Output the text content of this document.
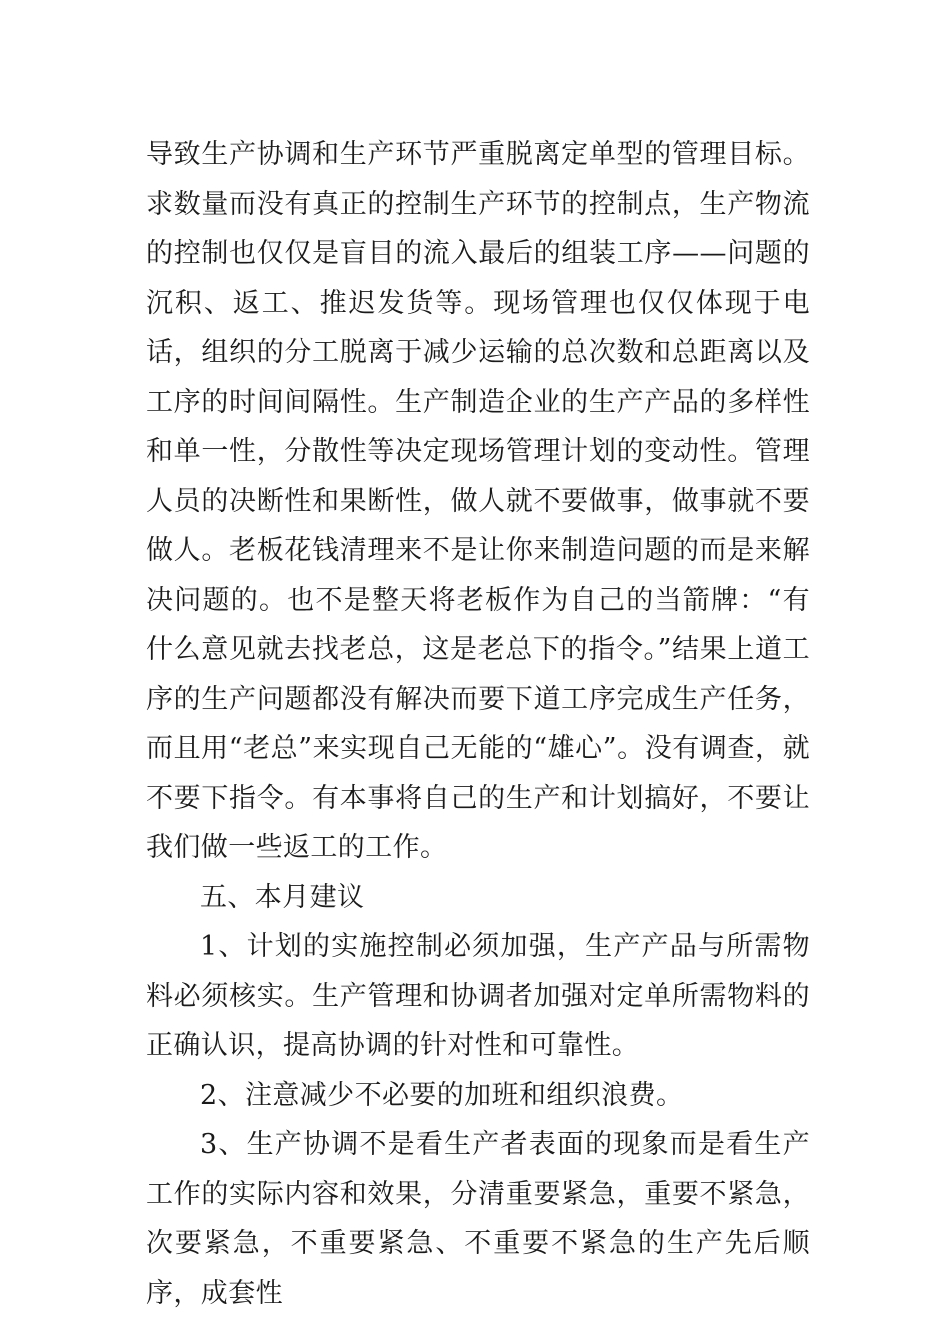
导致生产协调和生产环节严重脱离定单型的管理目标。求数量而没有真正的控制生产环节的控制点，生产物流的控制也仅仅是盲目的流入最后的组装工序——问题的沉积、返工、推迟发货等。现场管理也仅仅体现于电话，组织的分工脱离于减少运输的总次数和总距离以及工序的时间间隔性。生产制造企业的生产产品的多样性和单一性，分散性等决定现场管理计划的变动性。管理人员的决断性和果断性，做人就不要做事，做事就不要做人。老板花钱清理来不是让你来制造问题的而是来解决问题的。也不是整天将老板作为自己的当箭牌：“有什么意见就去找老总，这是老总下的指令。”结果上道工序的生产问题都没有解决而要下道工序完成生产任务，而且用“老总”来实现自己无能的“雄心”。没有调查，就不要下指令。有本事将自己的生产和计划搞好，不要让我们做一些返工的工作。

五、本月建议

1、计划的实施控制必须加强，生产产品与所需物料必须核实。生产管理和协调者加强对定单所需物料的正确认识，提高协调的针对性和可靠性。

2、注意减少不必要的加班和组织浪费。

3、生产协调不是看生产者表面的现象而是看生产工作的实际内容和效果，分清重要紧急，重要不紧急，次要紧急，不重要紧急、不重要不紧急的生产先后顺序，成套性
